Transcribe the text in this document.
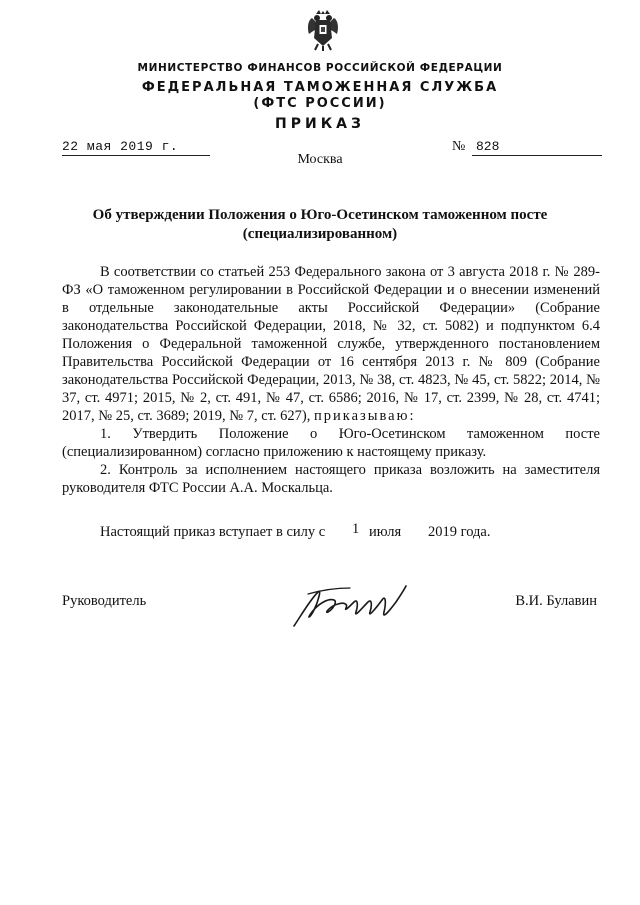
МИНИСТЕРСТВО ФИНАНСОВ РОССИЙСКОЙ ФЕДЕРАЦИИ
ФЕДЕРАЛЬНАЯ ТАМОЖЕННАЯ СЛУЖБА
(ФТС РОССИИ)
ПРИКАЗ
22 мая 2019 г.	№ 828
Москва
Об утверждении Положения о Юго-Осетинском таможенном посте
(специализированном)

В соответствии со статьей 253 Федерального закона от 3 августа 2018 г. № 289-ФЗ «О таможенном регулировании в Российской Федерации и о внесении изменений в отдельные законодательные акты Российской Федерации» (Собрание законодательства Российской Федерации, 2018, № 32, ст. 5082) и подпунктом 6.4 Положения о Федеральной таможенной службе, утвержденного постановлением Правительства Российской Федерации от 16 сентября 2013 г. № 809 (Собрание законодательства Российской Федерации, 2013, № 38, ст. 4823, № 45, ст. 5822; 2014, № 37, ст. 4971; 2015, № 2, ст. 491, № 47, ст. 6586; 2016, № 17, ст. 2399, № 28, ст. 4741; 2017, № 25, ст. 3689; 2019, № 7, ст. 627), приказываю:

1. Утвердить Положение о Юго-Осетинском таможенном посте (специализированном) согласно приложению к настоящему приказу.

2. Контроль за исполнением настоящего приказа возложить на заместителя руководителя ФТС России А.А. Москальца.

Настоящий приказ вступает в силу с 1 июля 2019 года.
Руководитель	В.И. Булавин
